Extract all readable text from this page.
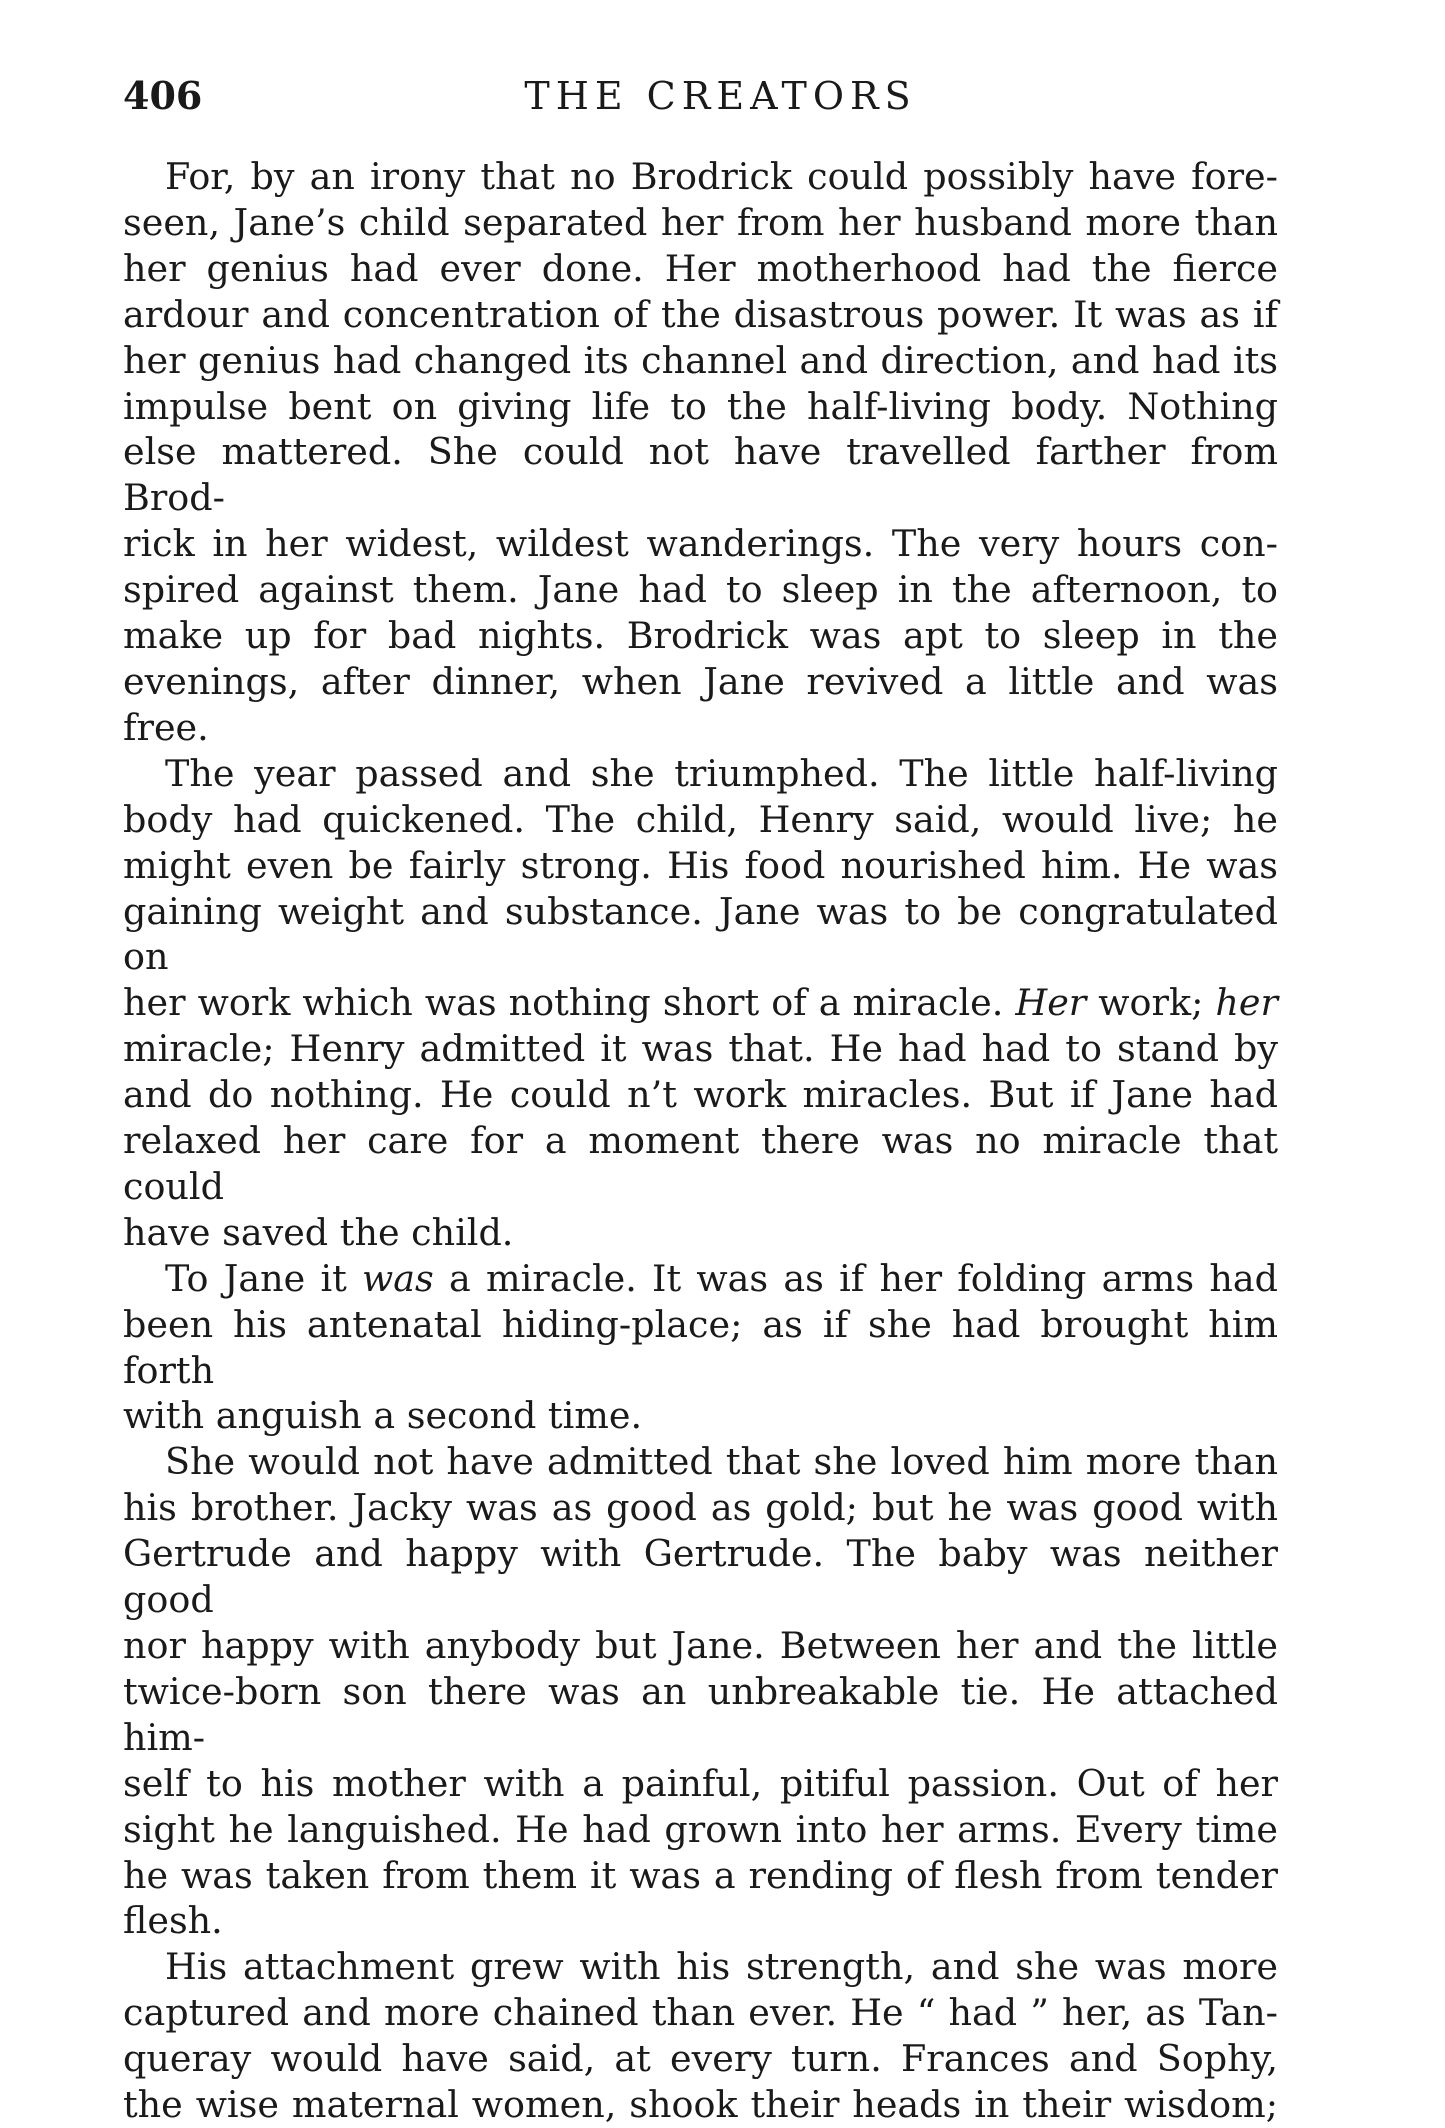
406	THE CREATORS
For, by an irony that no Brodrick could possibly have fore-
seen, Jane’s child separated her from her husband more than
her genius had ever done. Her motherhood had the fierce
ardour and concentration of the disastrous power. It was as if
her genius had changed its channel and direction, and had its
impulse bent on giving life to the half-living body. Nothing
else mattered. She could not have travelled farther from Brod-
rick in her widest, wildest wanderings. The very hours con-
spired against them. Jane had to sleep in the afternoon, to
make up for bad nights. Brodrick was apt to sleep in the
evenings, after dinner, when Jane revived a little and was free.
The year passed and she triumphed. The little half-living
body had quickened. The child, Henry said, would live; he
might even be fairly strong. His food nourished him. He was
gaining weight and substance. Jane was to be congratulated on
her work which was nothing short of a miracle. Her work; her
miracle; Henry admitted it was that. He had had to stand by
and do nothing. He could n’t work miracles. But if Jane had
relaxed her care for a moment there was no miracle that could
have saved the child.
To Jane it was a miracle. It was as if her folding arms had
been his antenatal hiding-place; as if she had brought him forth
with anguish a second time.
She would not have admitted that she loved him more than
his brother. Jacky was as good as gold; but he was good with
Gertrude and happy with Gertrude. The baby was neither good
nor happy with anybody but Jane. Between her and the little
twice-born son there was an unbreakable tie. He attached him-
self to his mother with a painful, pitiful passion. Out of her
sight he languished. He had grown into her arms. Every time
he was taken from them it was a rending of flesh from tender
flesh.
His attachment grew with his strength, and she was more
captured and more chained than ever. He “ had ” her, as Tan-
queray would have said, at every turn. Frances and Sophy,
the wise maternal women, shook their heads in their wisdom;
